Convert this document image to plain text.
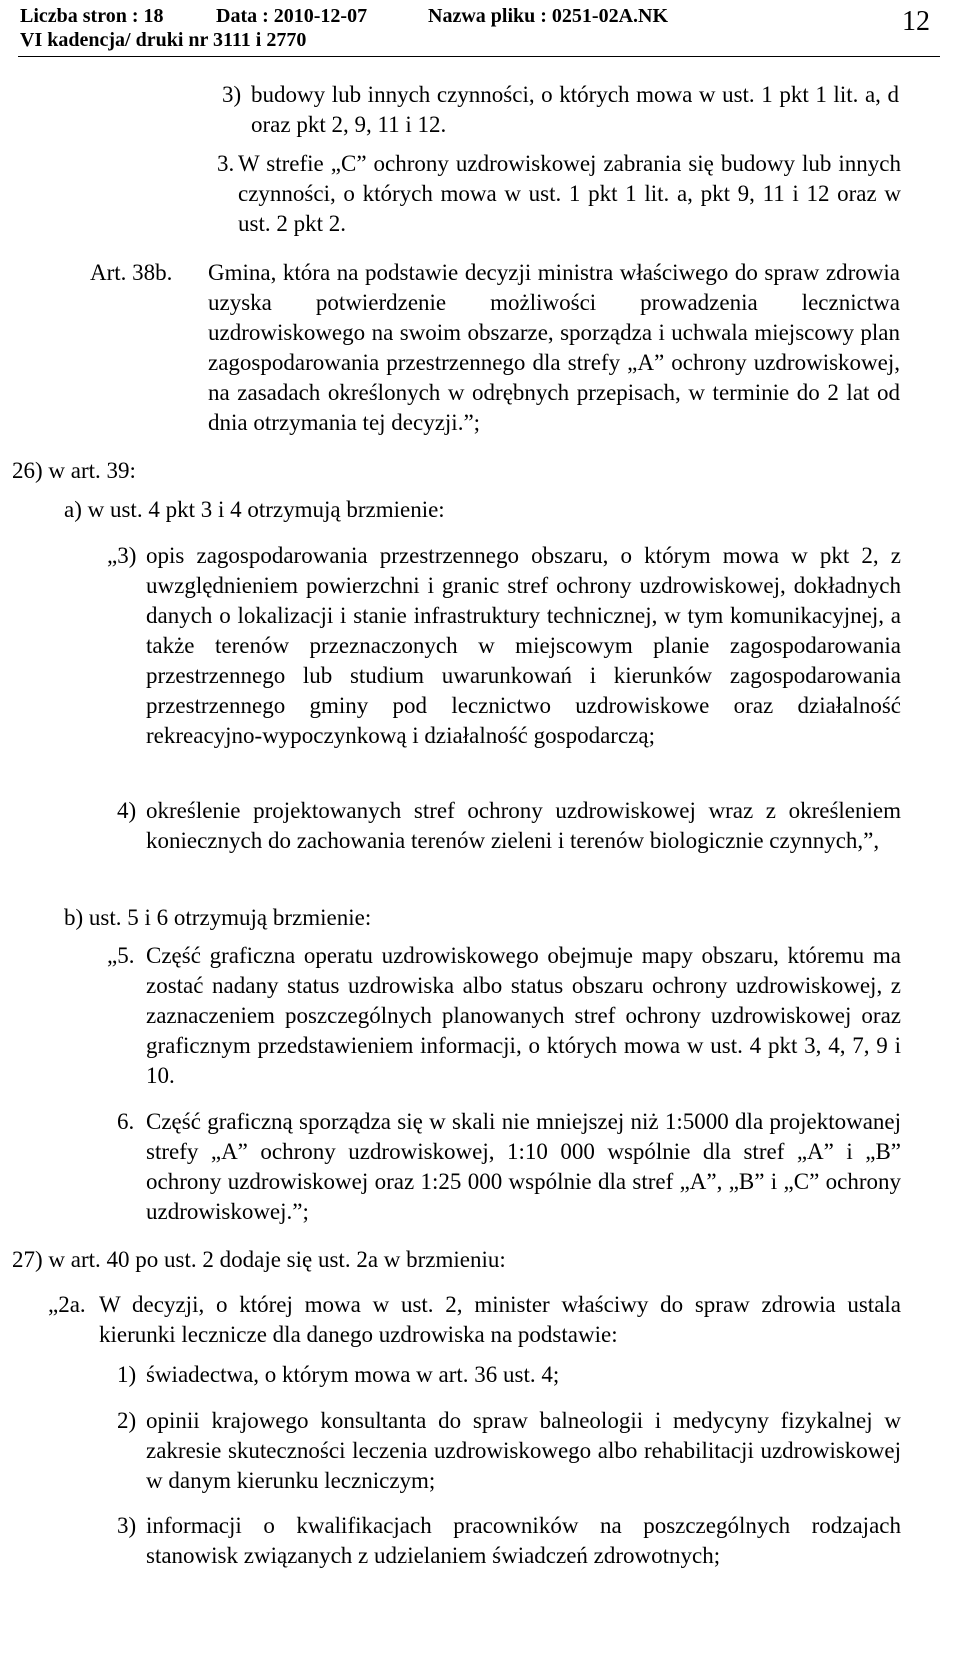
Liczba stron : 18	Data : 2010-12-07	Nazwa pliku : 0251-02A.NK
VI kadencja/ druki nr 3111 i 2770
12
3) budowy lub innych czynności, o których mowa w ust. 1 pkt 1 lit. a, d oraz pkt 2, 9, 11 i 12.
3. W strefie „C” ochrony uzdrowiskowej zabrania się budowy lub innych czynności, o których mowa w ust. 1 pkt 1 lit. a, pkt 9, 11 i 12 oraz w ust. 2 pkt 2.
Art. 38b. Gmina, która na podstawie decyzji ministra właściwego do spraw zdrowia uzyska potwierdzenie możliwości prowadzenia lecznictwa uzdrowiskowego na swoim obszarze, sporządza i uchwala miejscowy plan zagospodarowania przestrzennego dla strefy „A” ochrony uzdrowiskowej, na zasadach określonych w odrębnych przepisach, w terminie do 2 lat od dnia otrzymania tej decyzji.”;
26) w art. 39:
a) w ust. 4 pkt 3 i 4 otrzymują brzmienie:
„3) opis zagospodarowania przestrzennego obszaru, o którym mowa w pkt 2, z uwzględnieniem powierzchni i granic stref ochrony uzdrowiskowej, dokładnych danych o lokalizacji i stanie infrastruktury technicznej, w tym komunikacyjnej, a także terenów przeznaczonych w miejscowym planie zagospodarowania przestrzennego lub studium uwarunkowań i kierunków zagospodarowania przestrzennego gminy pod lecznictwo uzdrowiskowe oraz działalność rekreacyjno-wypoczynkową i działalność gospodarczą;
4) określenie projektowanych stref ochrony uzdrowiskowej wraz z określeniem koniecznych do zachowania terenów zieleni i terenów biologicznie czynnych,”,
b) ust. 5 i 6 otrzymują brzmienie:
„5. Część graficzna operatu uzdrowiskowego obejmuje mapy obszaru, któremu ma zostać nadany status uzdrowiska albo status obszaru ochrony uzdrowiskowej, z zaznaczeniem poszczególnych planowanych stref ochrony uzdrowiskowej oraz graficznym przedstawieniem informacji, o których mowa w ust. 4 pkt 3, 4, 7, 9 i 10.
6. Część graficzną sporządza się w skali nie mniejszej niż 1:5000 dla projektowanej strefy „A” ochrony uzdrowiskowej, 1:10 000 wspólnie dla stref „A” i „B” ochrony uzdrowiskowej oraz 1:25 000 wspólnie dla stref „A”, „B” i „C” ochrony uzdrowiskowej.”;
27) w art. 40 po ust. 2 dodaje się ust. 2a w brzmieniu:
„2a. W decyzji, o której mowa w ust. 2, minister właściwy do spraw zdrowia ustala kierunki lecznicze dla danego uzdrowiska na podstawie:
1) świadectwa, o którym mowa w art. 36 ust. 4;
2) opinii krajowego konsultanta do spraw balneologii i medycyny fizykalnej w zakresie skuteczności leczenia uzdrowiskowego albo rehabilitacji uzdrowiskowej w danym kierunku leczniczym;
3) informacji o kwalifikacjach pracowników na poszczególnych rodzajach stanowisk związanych z udzielaniem świadczeń zdrowotnych;
